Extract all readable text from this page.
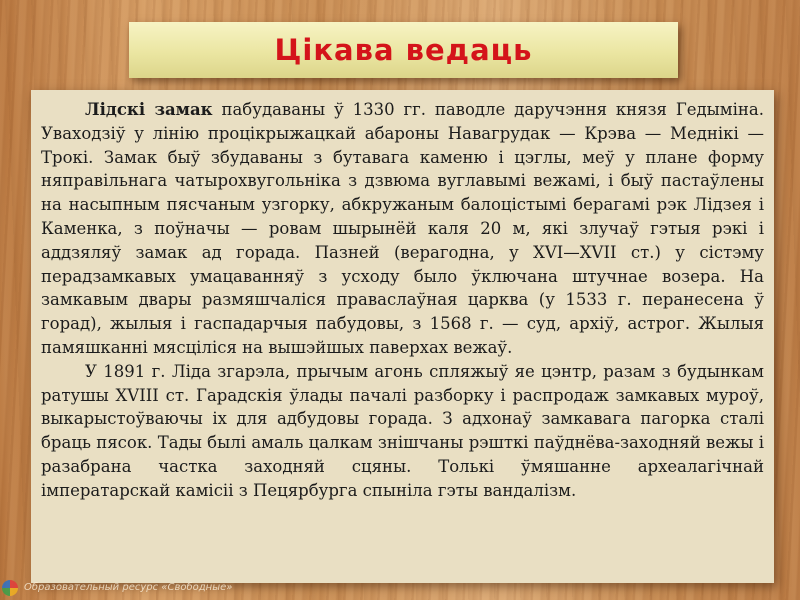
Цікава ведаць

Лідскі замак пабудаваны ў 1330 гг. паводле даручэння князя Гедыміна. Уваходзіў у лінію процікрыжацкай абароны Навагрудак — Крэва — Меднікі — Трокі. Замак быў збудаваны з бутавага каменю і цэглы, меў у плане форму няправільнага чатырохвугольніка з дзвюма вуглавымі вежамі, і быў пастаўлены на насыпным пясчаным узгорку, абкружаным балоцістымі берагамі рэк Лідзея і Каменка, з поўначы — ровам шырынёй каля 20 м, які злучаў гэтыя рэкі і аддзяляў замак ад горада. Пазней (верагодна, у XVI—XVII ст.) у сістэму перадзамкавых умацаванняў з усходу было ўключана штучнае возера. На замкавым двары размяшчаліся праваслаўная царква (у 1533 г. перанесена ў горад), жылыя і гаспадарчыя пабудовы, з 1568 г. — суд, архіў, астрог. Жылыя памяшканні мясціліся на вышэйшых паверхах вежаў.

У 1891 г. Ліда згарэла, прычым агонь спляжыў яе цэнтр, разам з будынкам ратушы XVIII ст. Гарадскія ўлады пачалі разборку і распродаж замкавых муроў, выкарыстоўваючы іх для адбудовы горада. З адхонаў замкавага пагорка сталі браць пясок. Тады былі амаль цалкам знішчаны рэшткі паўднёва-заходняй вежы і разабрана частка заходняй сцяны. Толькі ўмяшанне археалагічнай імператарскай камісіі з Пецярбурга спыніла гэты вандалізм.

Образовательный ресурс «Свободные»
